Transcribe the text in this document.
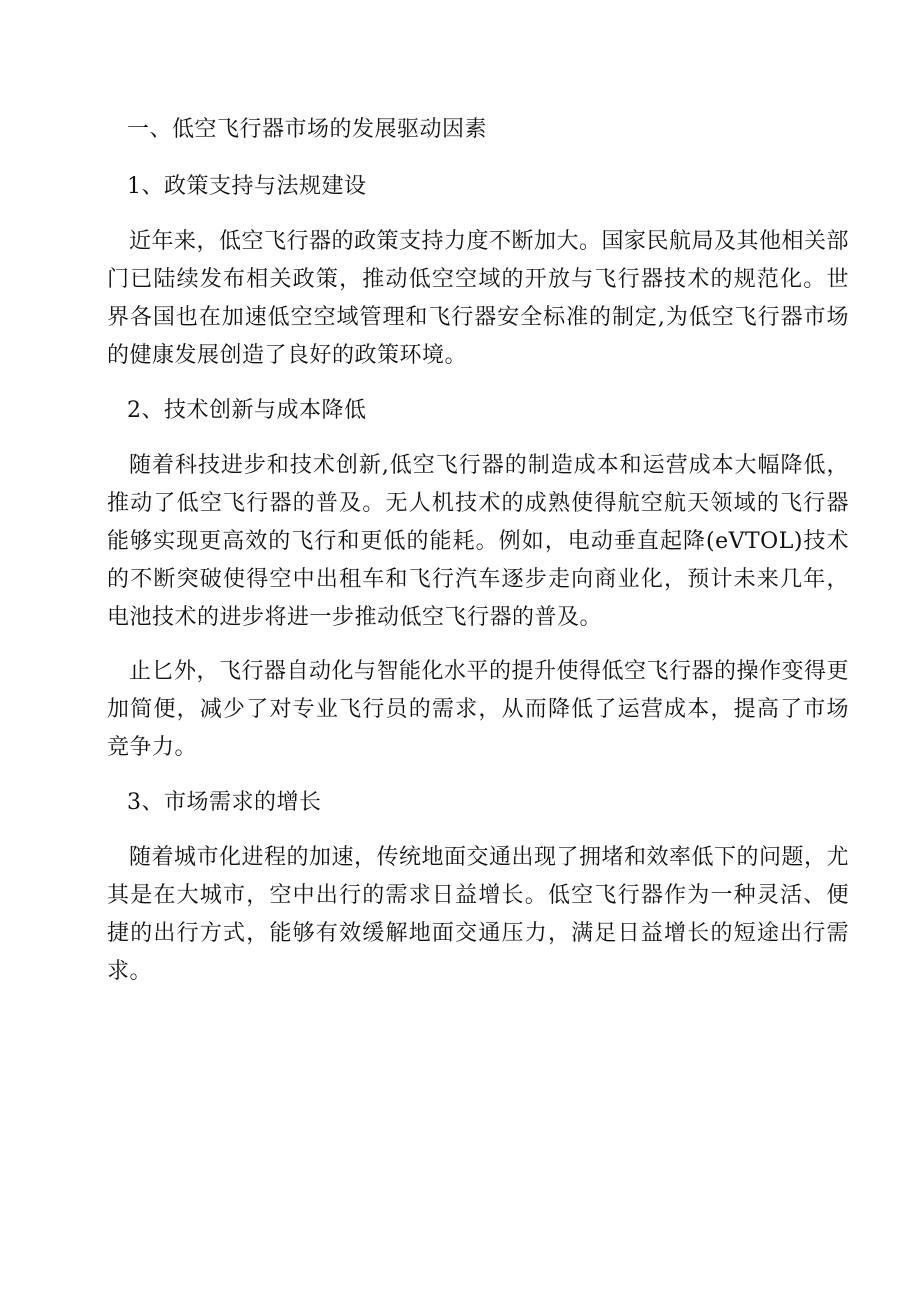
一、低空飞行器市场的发展驱动因素
1、政策支持与法规建设

近年来，低空飞行器的政策支持力度不断加大。国家民航局及其他相关部门已陆续发布相关政策，推动低空空域的开放与飞行器技术的规范化。世界各国也在加速低空空域管理和飞行器安全标准的制定,为低空飞行器市场的健康发展创造了良好的政策环境。

2、技术创新与成本降低

随着科技进步和技术创新,低空飞行器的制造成本和运营成本大幅降低，推动了低空飞行器的普及。无人机技术的成熟使得航空航天领域的飞行器能够实现更高效的飞行和更低的能耗。例如，电动垂直起降(eVTOL)技术的不断突破使得空中出租车和飞行汽车逐步走向商业化，预计未来几年，电池技术的进步将进一步推动低空飞行器的普及。

止匕外，飞行器自动化与智能化水平的提升使得低空飞行器的操作变得更加简便，减少了对专业飞行员的需求，从而降低了运营成本，提高了市场竞争力。

3、市场需求的增长

随着城市化进程的加速，传统地面交通出现了拥堵和效率低下的问题，尤其是在大城市，空中出行的需求日益增长。低空飞行器作为一种灵活、便捷的出行方式，能够有效缓解地面交通压力，满足日益增长的短途出行需求。
